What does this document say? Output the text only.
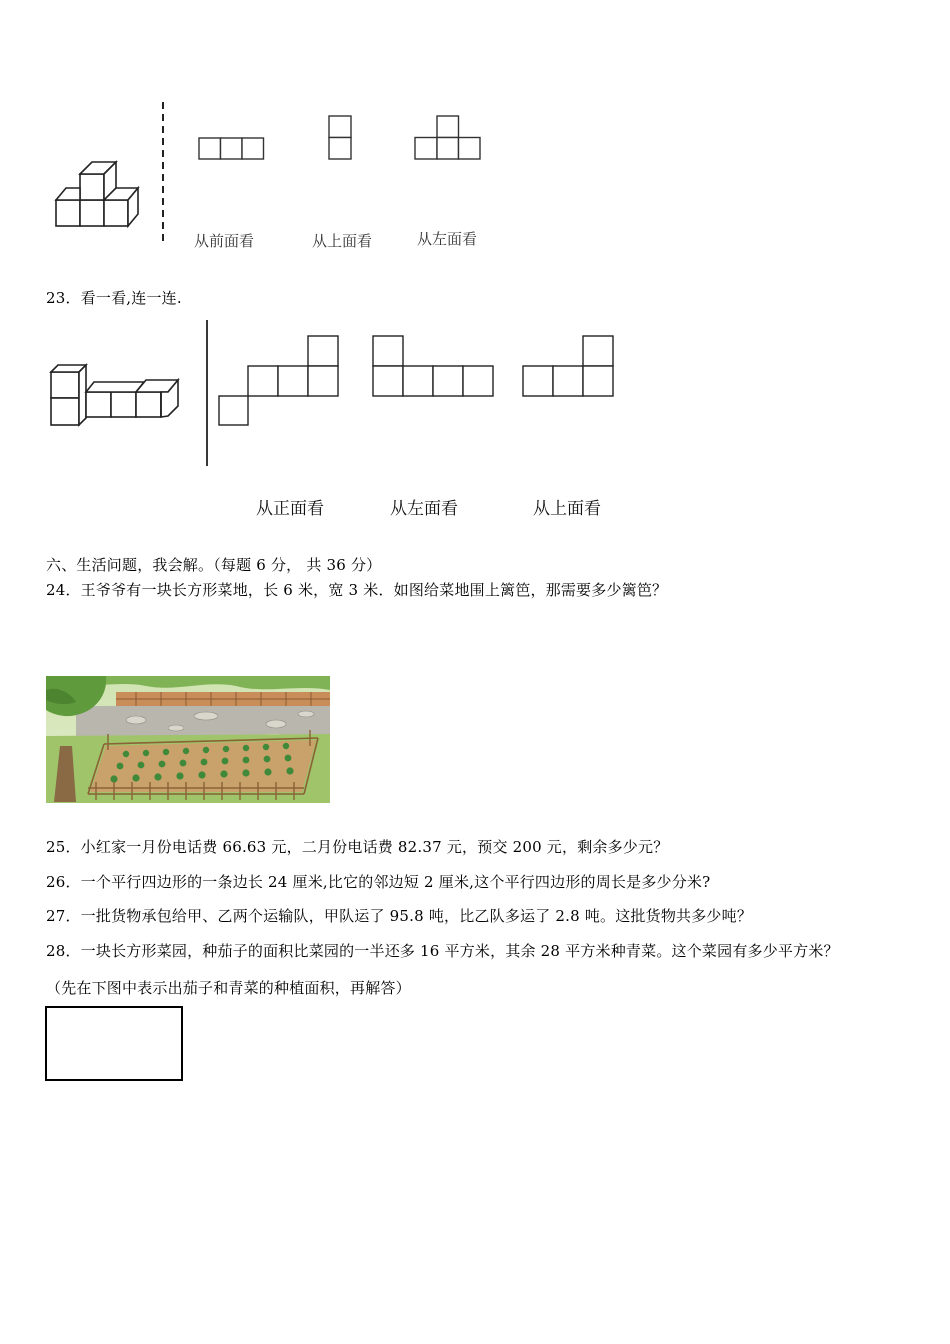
从前面看	从上面看	从左面看
23．看一看,连一连.
从正面看	从左面看	从上面看
六、生活问题，我会解。（每题 6 分， 共 36 分）
24．王爷爷有一块长方形菜地，长 6 米，宽 3 米．如图给菜地围上篱笆，那需要多少篱笆？
25．小红家一月份电话费 66.63 元，二月份电话费 82.37 元，预交 200 元，剩余多少元？
26．一个平行四边形的一条边长 24 厘米,比它的邻边短 2 厘米,这个平行四边形的周长是多少分米?
27．一批货物承包给甲、乙两个运输队，甲队运了 95.8 吨，比乙队多运了 2.8 吨。这批货物共多少吨？
28．一块长方形菜园，种茄子的面积比菜园的一半还多 16 平方米，其余 28 平方米种青菜。这个菜园有多少平方米？
（先在下图中表示出茄子和青菜的种植面积，再解答）
